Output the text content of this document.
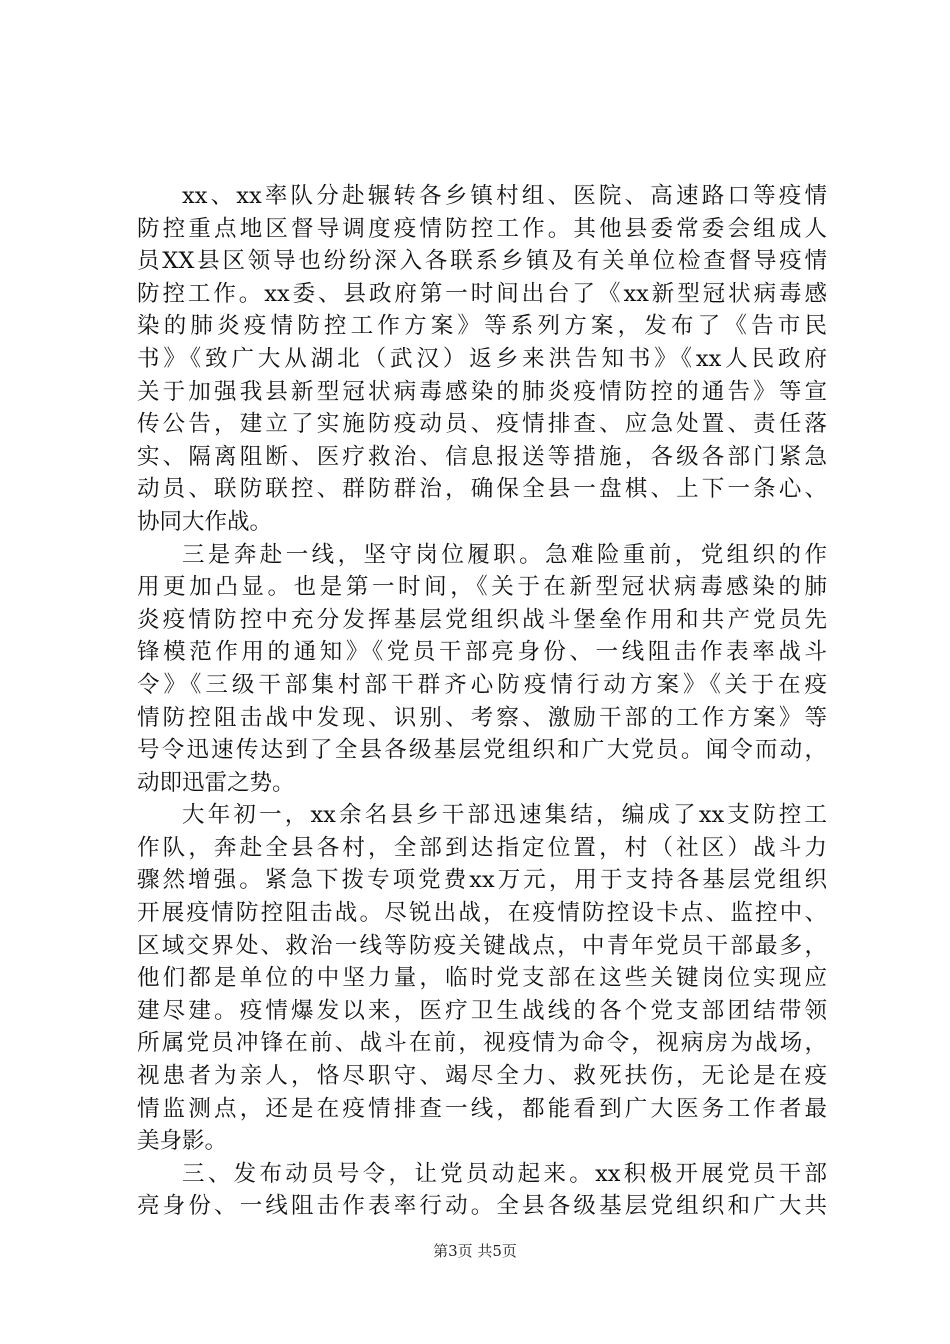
xx、xx率队分赴辗转各乡镇村组、医院、高速路口等疫情
防控重点地区督导调度疫情防控工作。其他县委常委会组成人
员XX县区领导也纷纷深入各联系乡镇及有关单位检查督导疫情
防控工作。xx委、县政府第一时间出台了《xx新型冠状病毒感
染的肺炎疫情防控工作方案》等系列方案，发布了《告市民
书》《致广大从湖北（武汉）返乡来洪告知书》《xx人民政府
关于加强我县新型冠状病毒感染的肺炎疫情防控的通告》等宣
传公告，建立了实施防疫动员、疫情排查、应急处置、责任落
实、隔离阻断、医疗救治、信息报送等措施，各级各部门紧急
动员、联防联控、群防群治，确保全县一盘棋、上下一条心、
协同大作战。
三是奔赴一线，坚守岗位履职。急难险重前，党组织的作
用更加凸显。也是第一时间，《关于在新型冠状病毒感染的肺
炎疫情防控中充分发挥基层党组织战斗堡垒作用和共产党员先
锋模范作用的通知》《党员干部亮身份、一线阻击作表率战斗
令》《三级干部集村部干群齐心防疫情行动方案》《关于在疫
情防控阻击战中发现、识别、考察、激励干部的工作方案》等
号令迅速传达到了全县各级基层党组织和广大党员。闻令而动，
动即迅雷之势。
大年初一，xx余名县乡干部迅速集结，编成了xx支防控工
作队，奔赴全县各村，全部到达指定位置，村（社区）战斗力
骤然增强。紧急下拨专项党费xx万元，用于支持各基层党组织
开展疫情防控阻击战。尽锐出战，在疫情防控设卡点、监控中、
区域交界处、救治一线等防疫关键战点，中青年党员干部最多，
他们都是单位的中坚力量，临时党支部在这些关键岗位实现应
建尽建。疫情爆发以来，医疗卫生战线的各个党支部团结带领
所属党员冲锋在前、战斗在前，视疫情为命令，视病房为战场，
视患者为亲人，恪尽职守、竭尽全力、救死扶伤，无论是在疫
情监测点，还是在疫情排查一线，都能看到广大医务工作者最
美身影。
三、发布动员号令，让党员动起来。xx积极开展党员干部
亮身份、一线阻击作表率行动。全县各级基层党组织和广大共
第3页 共5页
